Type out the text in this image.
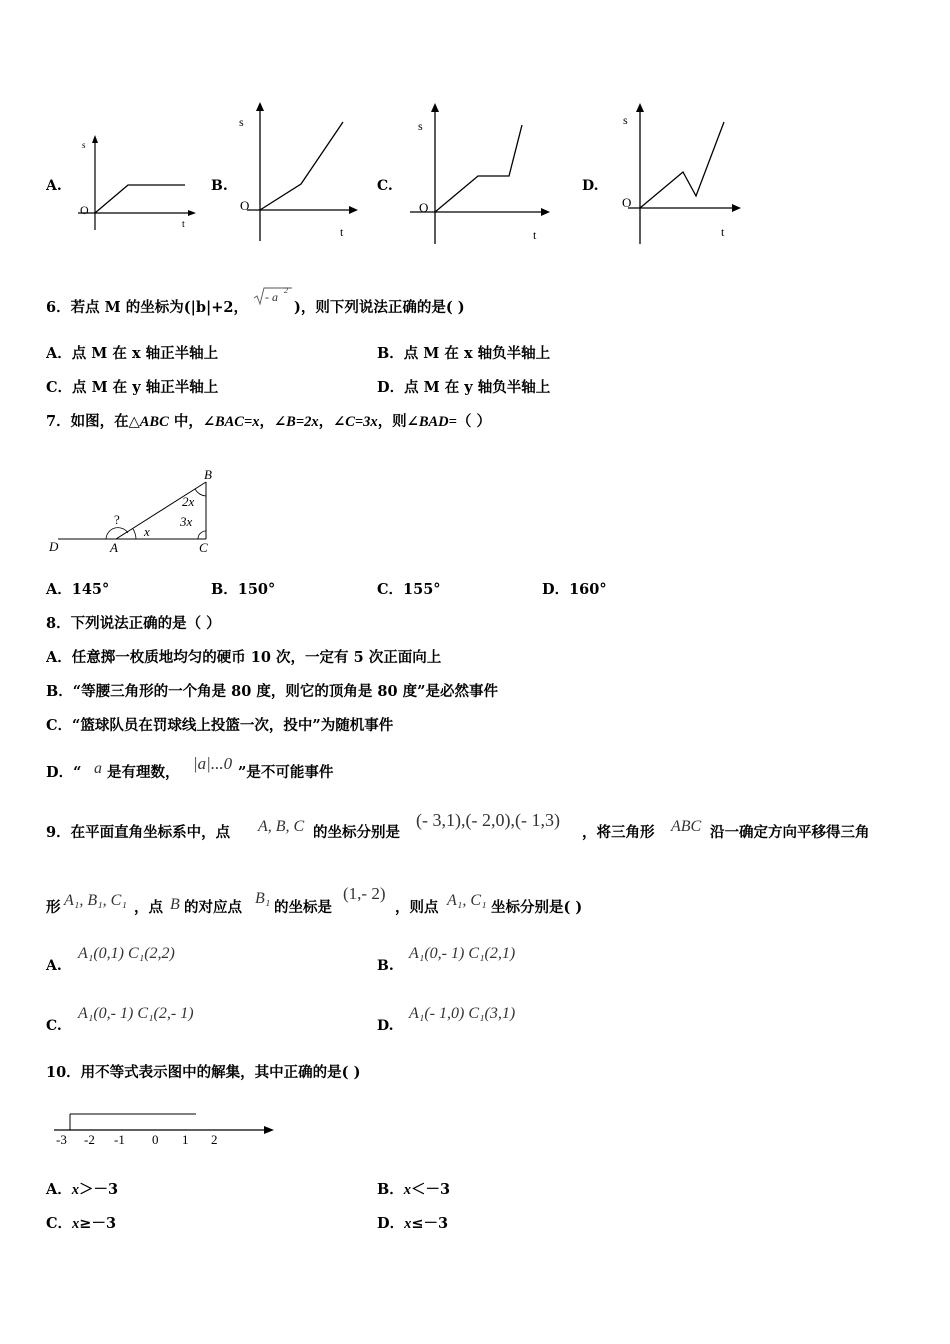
A.
s
t
O
B.
s
t
O
C.
s
t
O
D.
s
t
O
6．若点 M 的坐标为(|b|+2，
- a 2
)，则下列说法正确的是( )
A．点 M 在 x 轴正半轴上	B．点 M 在 x 轴负半轴上
C．点 M 在 y 轴正半轴上	D．点 M 在 y 轴负半轴上
7．如图，在△ABC 中，∠BAC=x，∠B=2x，∠C=3x，则∠BAD=（ ）
D	A	C
B
?
x
2x
3x
A．145°	B．150°	C．155°	D．160°
8．下列说法正确的是（ ）
A．任意掷一枚质地均匀的硬币 10 次，一定有 5 次正面向上
B．“等腰三角形的一个角是 80 度，则它的顶角是 80 度”是必然事件
C．“篮球队员在罚球线上投篮一次，投中”为随机事件
D．“ a 是有理数， |a|...0 ”是不可能事件
9．在平面直角坐标系中，点 A, B, C 的坐标分别是
(- 3,1),(- 2,0),(- 1,3)
，将三角形 ABC 沿一确定方向平移得三角
形 A₁, B₁, C₁ ，点 B 的对应点
B₁
的坐标是
(1,- 2)
，则点 A₁, C₁ 坐标分别是( )
A.
A₁(0,1) C₁(2,2)
B.
A₁(0,- 1) C₁(2,1)
C.
A₁(0,- 1) C₁(2,- 1)
D.
A₁(- 1,0) C₁(3,1)
10．用不等式表示图中的解集，其中正确的是( )
-3 -2 -1 0 1 2
A．x＞－3	B．x＜－3
C．x≥－3	D．x≤－3
